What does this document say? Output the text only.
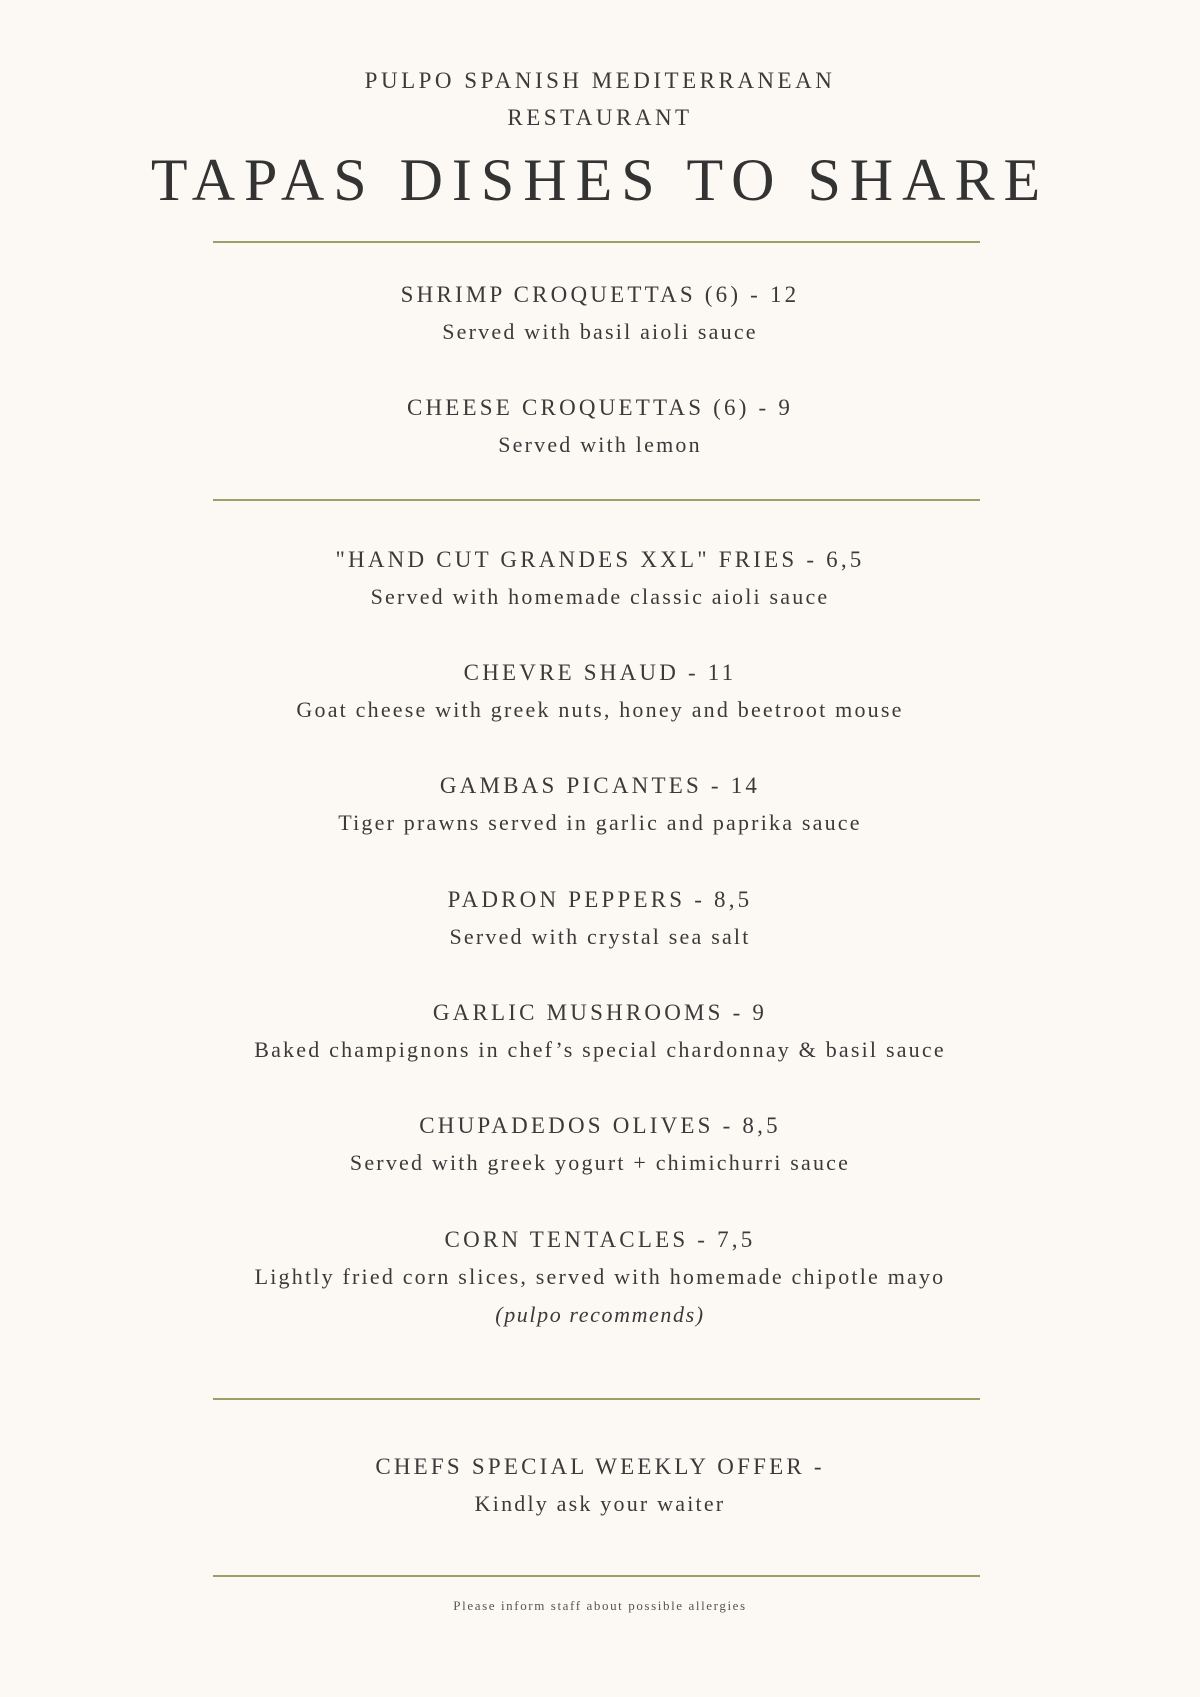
PULPO SPANISH MEDITERRANEAN
RESTAURANT
TAPAS DISHES TO SHARE
SHRIMP CROQUETTAS (6) - 12
Served with basil aioli sauce
CHEESE CROQUETTAS (6) - 9
Served with lemon
"HAND CUT GRANDES XXL" FRIES - 6,5
Served with homemade classic aioli sauce
CHEVRE SHAUD - 11
Goat cheese with greek nuts, honey and beetroot mouse
GAMBAS PICANTES - 14
Tiger prawns served in garlic and paprika sauce
PADRON PEPPERS - 8,5
Served with crystal sea salt
GARLIC MUSHROOMS - 9
Baked champignons in chef’s special chardonnay & basil sauce
CHUPADEDOS OLIVES - 8,5
Served with greek yogurt + chimichurri sauce
CORN TENTACLES - 7,5
Lightly fried corn slices, served with homemade chipotle mayo
(pulpo recommends)
CHEFS SPECIAL WEEKLY OFFER -
Kindly ask your waiter
Please inform staff about possible allergies
